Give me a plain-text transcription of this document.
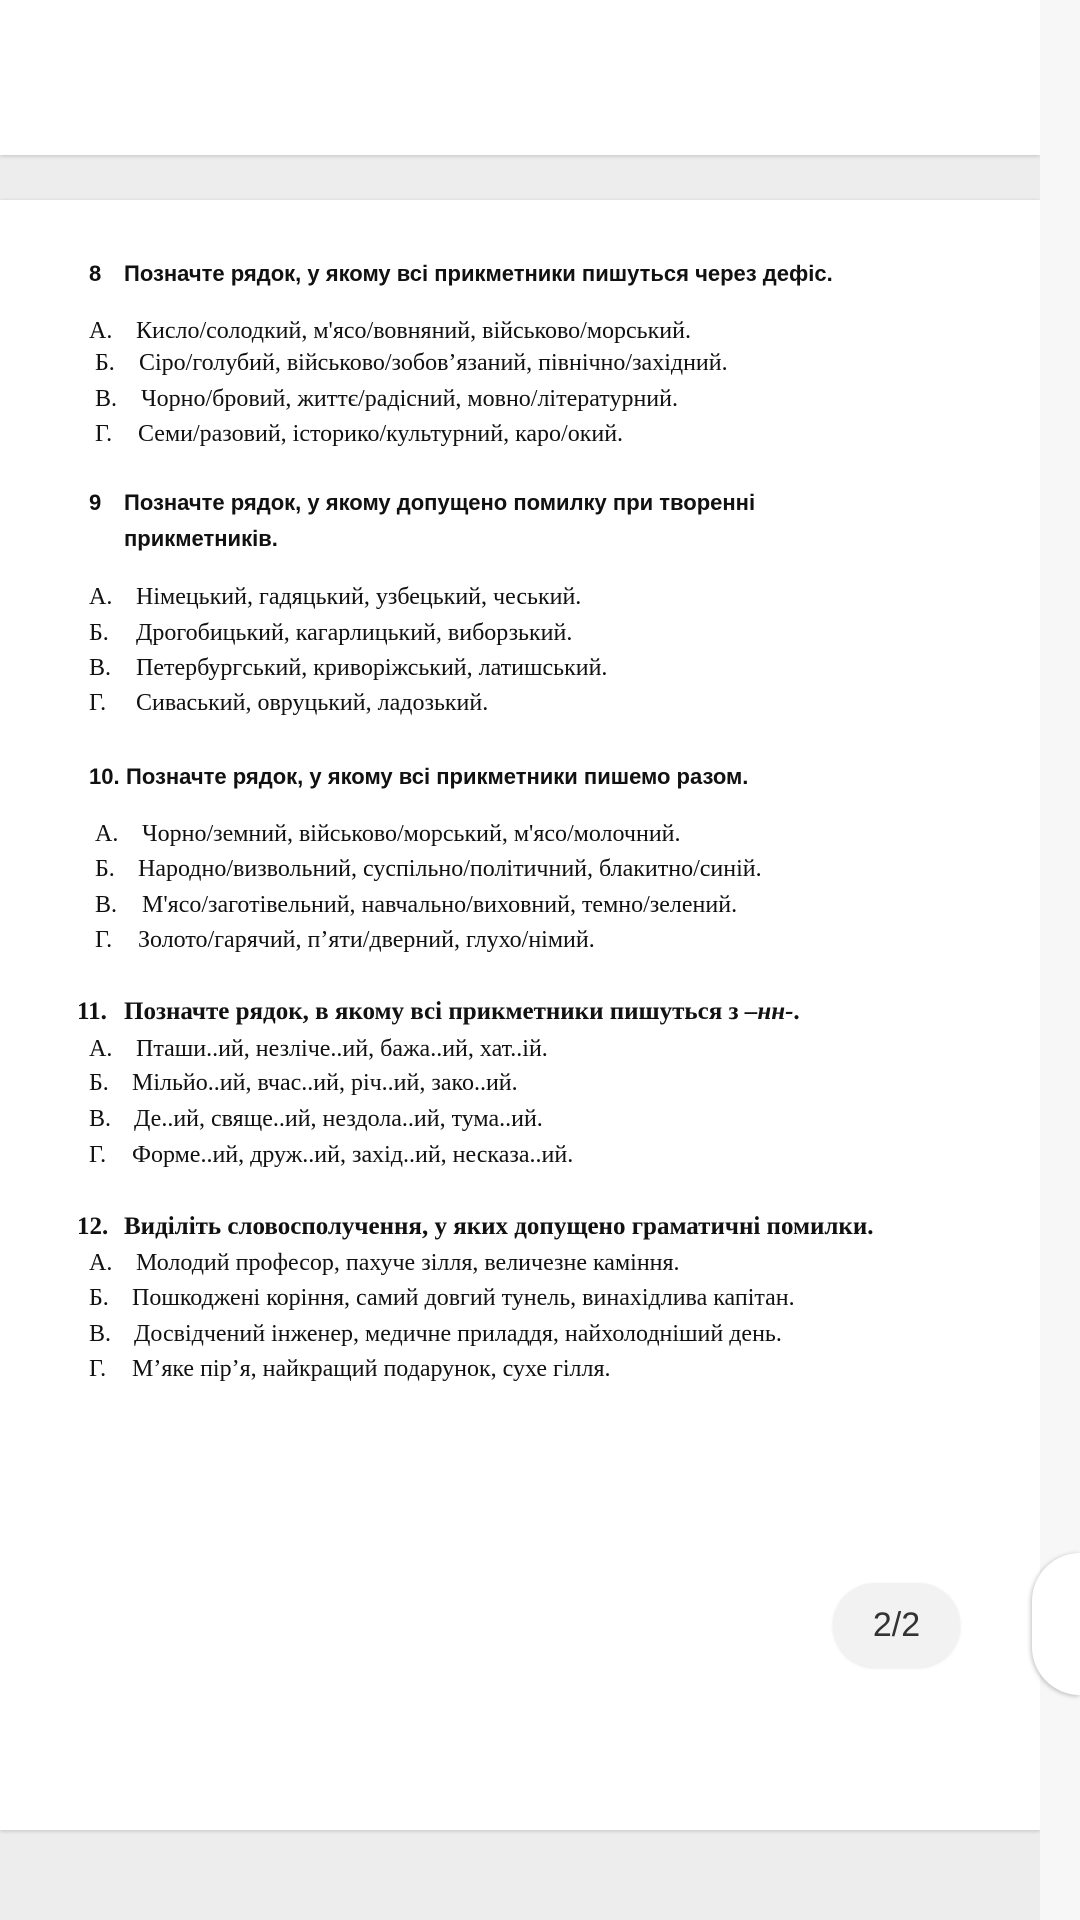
8 Позначте рядок, у якому всі прикметники пишуться через дефіс.
А. Кисло/солодкий, м'ясо/вовняний, військово/морський.
Б. Сіро/голубий, військово/зобов’язаний, північно/західний.
В. Чорно/бровий, життє/радісний, мовно/літературний.
Г. Семи/разовий, історико/культурний, каро/окий.
9 Позначте рядок, у якому допущено помилку при творенні
прикметників.
А. Німецький, гадяцький, узбецький, чеський.
Б. Дрогобицький, кагарлицький, виборзький.
В. Петербургський, криворіжський, латишський.
Г. Сиваський, овруцький, ладозький.
10. Позначте рядок, у якому всі прикметники пишемо разом.
А. Чорно/земний, військово/морський, м'ясо/молочний.
Б. Народно/визвольний, суспільно/політичний, блакитно/синій.
В. М'ясо/заготівельний, навчально/виховний, темно/зелений.
Г. Золото/гарячий, п’яти/дверний, глухо/німий.
11. Позначте рядок, в якому всі прикметники пишуться з –нн-.
А. Пташи..ий, незліче..ий, бажа..ий, хат..ій.
Б. Мільйо..ий, вчас..ий, річ..ий, зако..ий.
В. Де..ий, свяще..ий, нездола..ий, тума..ий.
Г. Форме..ий, друж..ий, захід..ий, несказа..ий.
12. Виділіть словосполучення, у яких допущено граматичні помилки.
А. Молодий професор, пахуче зілля, величезне каміння.
Б. Пошкоджені коріння, самий довгий тунель, винахідлива капітан.
В. Досвідчений інженер, медичне приладдя, найхолодніший день.
Г. М’яке пір’я, найкращий подарунок, сухе гілля.
2/2
